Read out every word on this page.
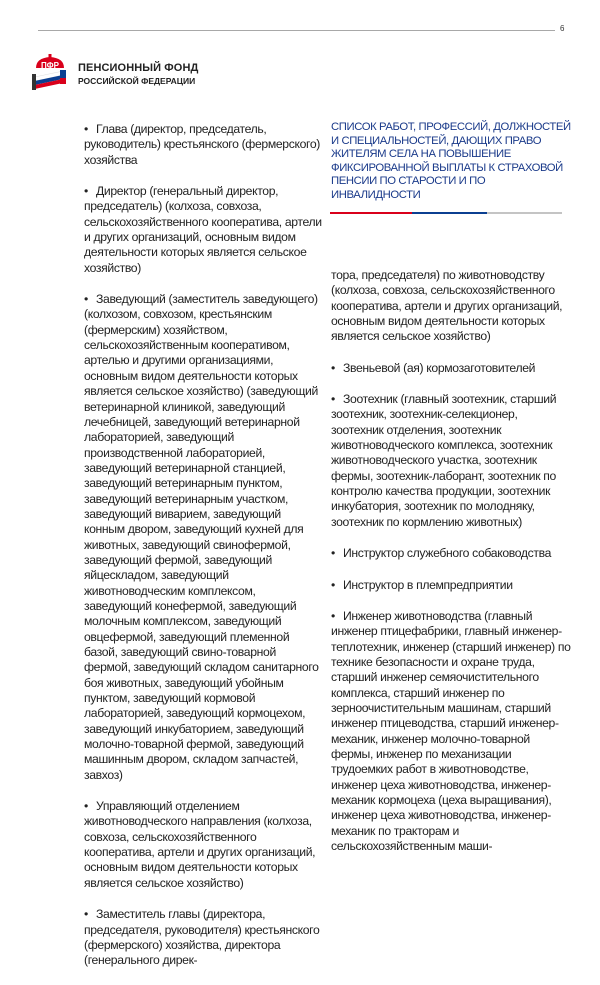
6
ПФР ПЕНСИОННЫЙ ФОНД
РОССИЙСКОЙ ФЕДЕРАЦИИ
• Глава (директор, председатель, руководитель) крестьянского (фермерского) хозяйства
• Директор (генеральный директор, председатель) (колхоза, совхоза, сельскохозяйственного кооператива, артели и других организаций, основным видом деятельности которых является сельское хозяйство)
• Заведующий (заместитель заведующего) (колхозом, совхозом, крестьянским (фермерским) хозяйством, сельскохозяйственным кооперативом, артелью и другими организациями, основным видом деятельности которых является сельское хозяйство) (заведующий ветеринарной клиникой, заведующий лечебницей, заведующий ветеринарной лабораторией, заведующий производственной лабораторией, заведующий ветеринарной станцией, заведующий ветеринарным пунктом, заведующий ветеринарным участком, заведующий виварием, заведующий конным двором, заведующий кухней для животных, заведующий свинофермой, заведующий фермой, заведующий яйцескладом, заведующий животноводческим комплексом, заведующий конефермой, заведующий молочным комплексом, заведующий овцефермой, заведующий племенной базой, заведующий свино-товарной фермой, заведующий складом санитарного боя животных, заведующий убойным пунктом, заведующий кормовой лабораторией, заведующий кормоцехом, заведующий инкубаторием, заведующий молочно-товарной фермой, заведующий машинным двором, складом запчастей, завхоз)
• Управляющий отделением животноводческого направления (колхоза, совхоза, сельскохозяйственного кооператива, артели и других организаций, основным видом деятельности которых является сельское хозяйство)
• Заместитель главы (директора, председателя, руководителя) крестьянского (фермерского) хозяйства, директора (генерального дирек-
СПИСОК РАБОТ, ПРОФЕССИЙ, ДОЛЖНОСТЕЙ И СПЕЦИАЛЬНОСТЕЙ, ДАЮЩИХ ПРАВО ЖИТЕЛЯМ СЕЛА НА ПОВЫШЕНИЕ ФИКСИРОВАННОЙ ВЫПЛАТЫ К СТРАХОВОЙ ПЕНСИИ ПО СТАРОСТИ И ПО ИНВАЛИДНОСТИ
тора, председателя) по животноводству (колхоза, совхоза, сельскохозяйственного кооператива, артели и других организаций, основным видом деятельности которых является сельское хозяйство)
• Звеньевой (ая) кормозаготовителей
• Зоотехник (главный зоотехник, старший зоотехник, зоотехник-селекционер, зоотехник отделения, зоотехник животноводческого комплекса, зоотехник животноводческого участка, зоотехник фермы, зоотехник-лаборант, зоотехник по контролю качества продукции, зоотехник инкубатория, зоотехник по молодняку, зоотехник по кормлению животных)
• Инструктор служебного собаководства
• Инструктор в племпредприятии
• Инженер животноводства (главный инженер птицефабрики, главный инженер-теплотехник, инженер (старший инженер) по технике безопасности и охране труда, старший инженер семяочистительного комплекса, старший инженер по зерноочистительным машинам, старший инженер птицеводства, старший инженер-механик, инженер молочно-товарной фермы, инженер по механизации трудоемких работ в животноводстве, инженер цеха животноводства, инженер-механик кормоцеха (цеха выращивания), инженер цеха животноводства, инженер-механик по тракторам и сельскохозяйственным маши-
